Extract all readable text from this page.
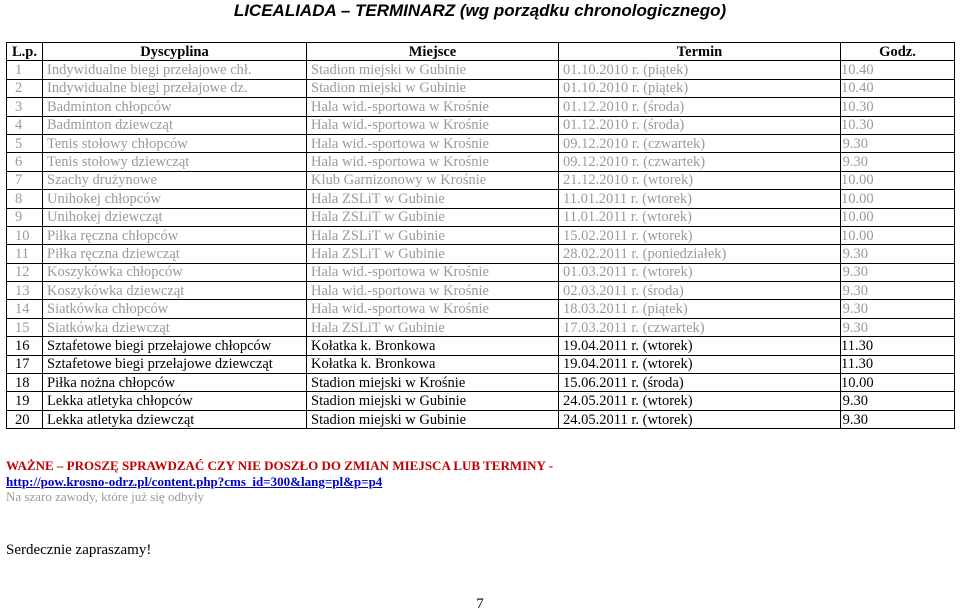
LICEALIADA – TERMINARZ (wg porządku chronologicznego)
L.p.	Dyscyplina	Miejsce	Termin	Godz.
1	Indywidualne biegi przełajowe chł.	Stadion miejski w Gubinie	01.10.2010 r. (piątek)	10.40
2	Indywidualne biegi przełajowe dz.	Stadion miejski w Gubinie	01.10.2010 r. (piątek)	10.40
3	Badminton chłopców	Hala wid.-sportowa w Krośnie	01.12.2010 r. (środa)	10.30
4	Badminton dziewcząt	Hala wid.-sportowa w Krośnie	01.12.2010 r. (środa)	10.30
5	Tenis stołowy chłopców	Hala wid.-sportowa w Krośnie	09.12.2010 r. (czwartek)	9.30
6	Tenis stołowy dziewcząt	Hala wid.-sportowa w Krośnie	09.12.2010 r. (czwartek)	9.30
7	Szachy drużynowe	Klub Garnizonowy w Krośnie	21.12.2010 r. (wtorek)	10.00
8	Unihokej chłopców	Hala ZSLiT w Gubinie	11.01.2011 r. (wtorek)	10.00
9	Unihokej dziewcząt	Hala ZSLiT w Gubinie	11.01.2011 r. (wtorek)	10.00
10	Piłka ręczna chłopców	Hala ZSLiT w Gubinie	15.02.2011 r. (wtorek)	10.00
11	Piłka ręczna dziewcząt	Hala ZSLiT w Gubinie	28.02.2011 r. (poniedziałek)	9.30
12	Koszykówka chłopców	Hala wid.-sportowa w Krośnie	01.03.2011 r. (wtorek)	9.30
13	Koszykówka dziewcząt	Hala wid.-sportowa w Krośnie	02.03.2011 r. (środa)	9.30
14	Siatkówka chłopców	Hala wid.-sportowa w Krośnie	18.03.2011 r. (piątek)	9.30
15	Siatkówka dziewcząt	Hala ZSLiT w Gubinie	17.03.2011 r. (czwartek)	9.30
16	Sztafetowe biegi przełajowe chłopców	Kołatka k. Bronkowa	19.04.2011 r. (wtorek)	11.30
17	Sztafetowe biegi przełajowe dziewcząt	Kołatka k. Bronkowa	19.04.2011 r. (wtorek)	11.30
18	Piłka nożna chłopców	Stadion miejski w Krośnie	15.06.2011 r. (środa)	10.00
19	Lekka atletyka chłopców	Stadion miejski w Gubinie	24.05.2011 r. (wtorek)	9.30
20	Lekka atletyka dziewcząt	Stadion miejski w Gubinie	24.05.2011 r. (wtorek)	9.30
WAŻNE – PROSZĘ SPRAWDZAĆ CZY NIE DOSZŁO DO ZMIAN MIEJSCA LUB TERMINY -
http://pow.krosno-odrz.pl/content.php?cms_id=300&lang=pl&p=p4
Na szaro zawody, które już się odbyły
Serdecznie zapraszamy!
7
